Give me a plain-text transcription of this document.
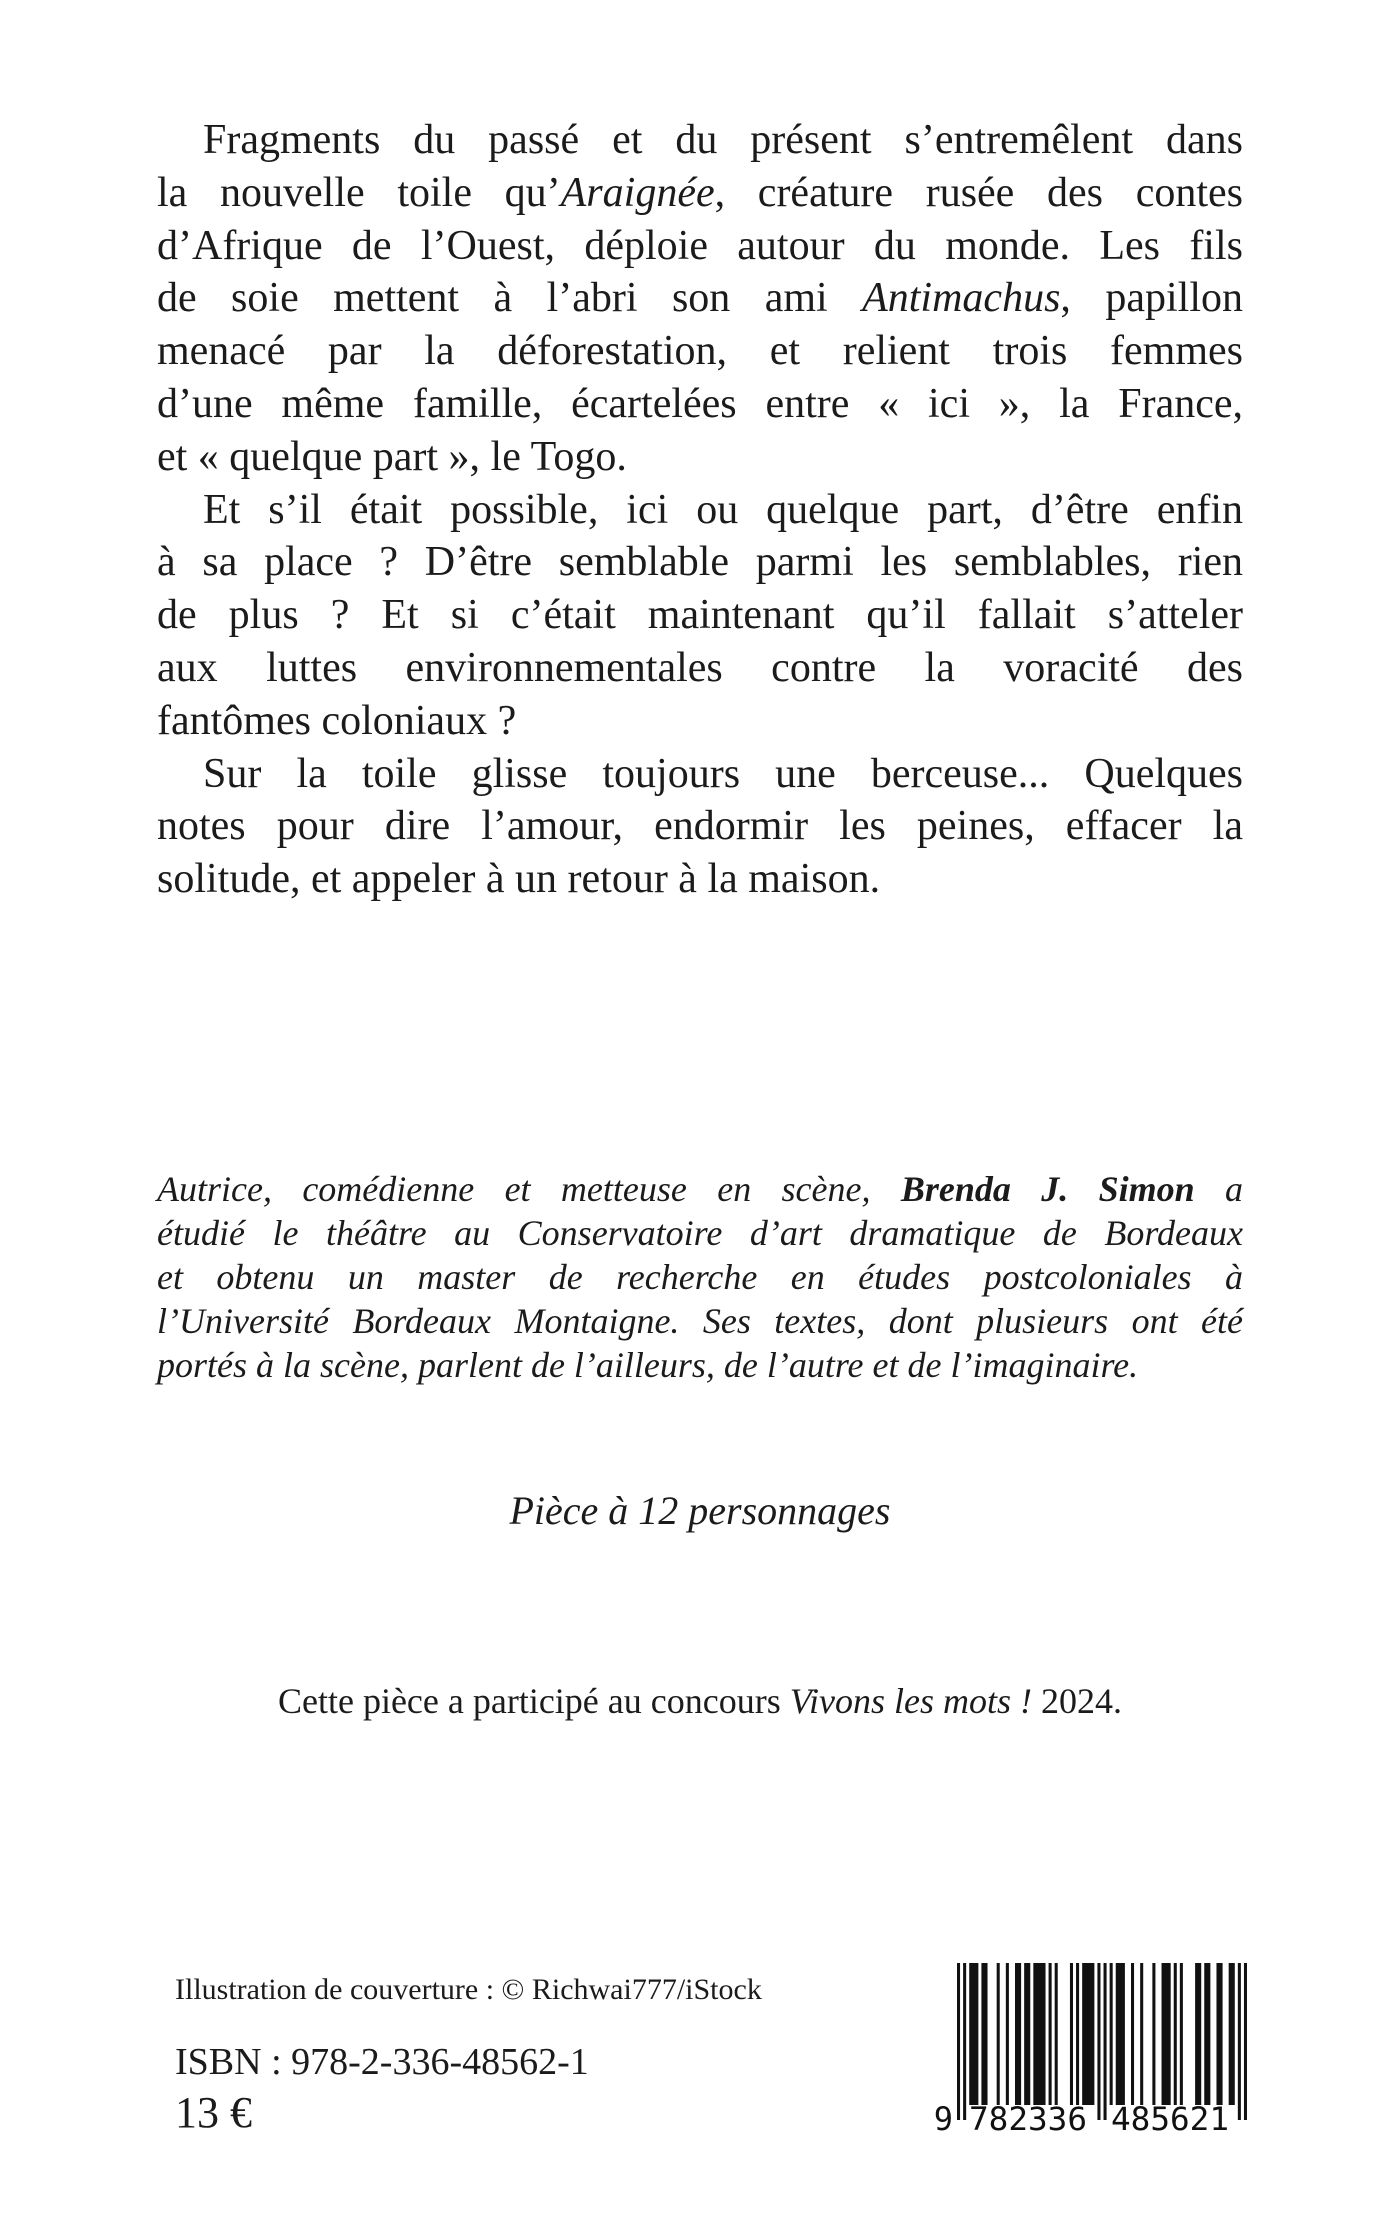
Fragments du passé et du présent s’entremêlent dans
la nouvelle toile qu’Araignée, créature rusée des contes
d’Afrique de l’Ouest, déploie autour du monde. Les fils
de soie mettent à l’abri son ami Antimachus, papillon
menacé par la déforestation, et relient trois femmes
d’une même famille, écartelées entre « ici », la France,
et « quelque part », le Togo.
Et s’il était possible, ici ou quelque part, d’être enfin
à sa place ? D’être semblable parmi les semblables, rien
de plus ? Et si c’était maintenant qu’il fallait s’atteler
aux luttes environnementales contre la voracité des
fantômes coloniaux ?
Sur la toile glisse toujours une berceuse... Quelques
notes pour dire l’amour, endormir les peines, effacer la
solitude, et appeler à un retour à la maison.
Autrice, comédienne et metteuse en scène, Brenda J. Simon a
étudié le théâtre au Conservatoire d’art dramatique de Bordeaux
et obtenu un master de recherche en études postcoloniales à
l’Université Bordeaux Montaigne. Ses textes, dont plusieurs ont été
portés à la scène, parlent de l’ailleurs, de l’autre et de l’imaginaire.
Pièce à 12 personnages
Cette pièce a participé au concours Vivons les mots ! 2024.
Illustration de couverture : © Richwai777/iStock
ISBN : 978-2-336-48562-1
13 €	9 782336 485621
